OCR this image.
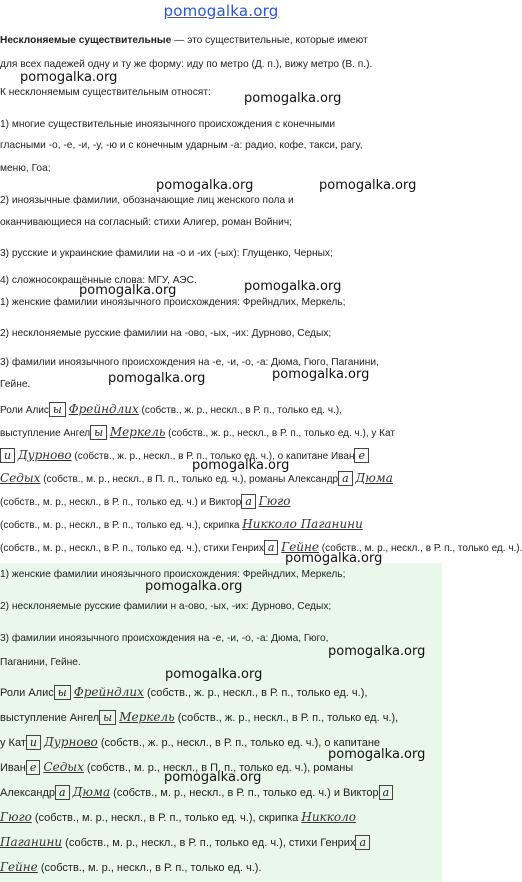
pomogalka.org
Несклоняемые существительные — это существительные, которые имеют
для всех падежей одну и ту же форму: иду по метро (Д. п.), вижу метро (В. п.).
К несклоняемым существительным относят:
1) многие существительные иноязычного происхождения с конечными
гласными -о, -е, -и, -у, -ю и с конечным ударным -а: радио, кофе, такси, рагу,
меню, Гоа;
2) иноязычные фамилии, обозначающие лиц женского пола и
оканчивающиеся на согласный: стихи Алигер, роман Войнич;
3) русские и украинские фамилии на -о и -их (-ых): Глущенко, Черных;
4) сложносокращённые слова: МГУ, АЭС.
1) женские фамилии иноязычного происхождения: Фрейндлих, Меркель;
2) несклоняемые русские фамилии на -ово, -ых, -их: Дурново, Седых;
3) фамилии иноязычного происхождения на -е, -и, -о, -а: Дюма, Гюго, Паганини,
Гейне.
Роли Алис ы Фрейндлих (собств., ж. р., нескл., в Р. п., только ед. ч.),
выступление Ангел ы Меркель (собств., ж. р., нескл., в Р. п., только ед. ч.), у Кат
и Дурново (собств., ж. р., нескл., в Р. п., только ед. ч.), о капитане Иван е
Седых (собств., м. р., нескл., в П. п., только ед. ч.), романы Александр а Дюма
(собств., м. р., нескл., в Р. п., только ед. ч.) и Виктор а Гюго
(собств., м. р., нескл., в Р. п., только ед. ч.), скрипка Никколо Паганини
(собств., м. р., нескл., в Р. п., только ед. ч.), стихи Генрих а Гейне (собств., м. р., нескл., в Р. п., только ед. ч.).
1) женские фамилии иноязычного происхождения: Фрейндлих, Меркель;
2) несклоняемые русские фамилии н а-ово, -ых, -их: Дурново, Седых;
3) фамилии иноязычного происхождения на -е, -и, -о, -а: Дюма, Гюго,
Паганини, Гейне.
Роли Алис ы Фрейндлих (собств., ж. р., нескл., в Р. п., только ед. ч.),
выступление Ангел ы Меркель (собств., ж. р., нескл., в Р. п., только ед. ч.),
у Кат и Дурново (собств., ж. р., нескл., в Р. п., только ед. ч.), о капитане
Иван е Седых (собств., м. р., нескл., в П. п., только ед. ч.), романы
Александр а Дюма (собств., м. р., нескл., в Р. п., только ед. ч.) и Виктор а
Гюго (собств., м. р., нескл., в Р. п., только ед. ч.), скрипка Никколо
Паганини (собств., м. р., нескл., в Р. п., только ед. ч.), стихи Генрих а
Гейне (собств., м. р., нескл., в Р. п., только ед. ч.).
pomogalka.org
pomogalka.org
pomogalka.org	pomogalka.org
pomogalka.org	pomogalka.org
pomogalka.org	pomogalka.org
pomogalka.org
pomogalka.org
pomogalka.org
pomogalka.org
pomogalka.org
pomogalka.org
pomogalka.org
